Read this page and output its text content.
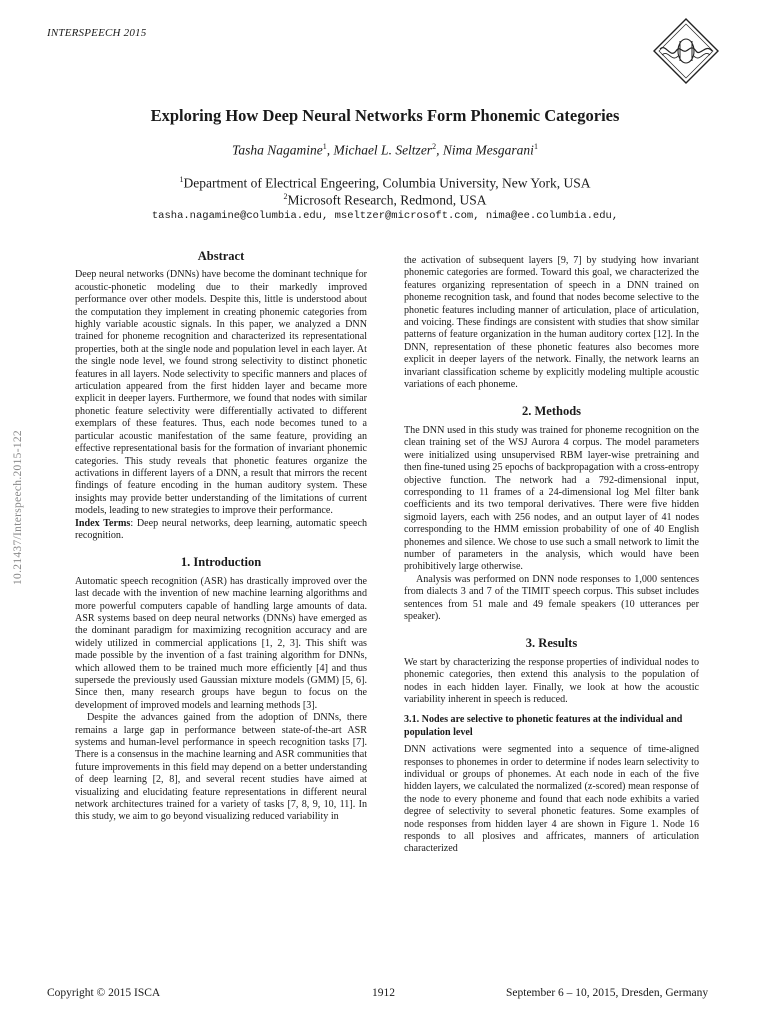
INTERSPEECH 2015
Exploring How Deep Neural Networks Form Phonemic Categories
Tasha Nagamine$^1$, Michael L. Seltzer$^2$, Nima Mesgarani$^1$
$^1$Department of Electrical Engeering, Columbia University, New York, USA
$^2$Microsoft Research, Redmond, USA
tasha.nagamine@columbia.edu, mseltzer@microsoft.com, nima@ee.columbia.edu,
10.21437/Interspeech.2015-122
Abstract

Deep neural networks (DNNs) have become the dominant technique for acoustic-phonetic modeling due to their markedly improved performance over other models. Despite this, little is understood about the computation they implement in creating phonemic categories from highly variable acoustic signals. In this paper, we analyzed a DNN trained for phoneme recognition and characterized its representational properties, both at the single node and population level in each layer. At the single node level, we found strong selectivity to distinct phonetic features in all layers. Node selectivity to specific manners and places of articulation appeared from the first hidden layer and became more explicit in deeper layers. Furthermore, we found that nodes with similar phonetic feature selectivity were differentially activated to different exemplars of these features. Thus, each node becomes tuned to a particular acoustic manifestation of the same feature, providing an effective representational basis for the formation of invariant phonemic categories. This study reveals that phonetic features organize the activations in different layers of a DNN, a result that mirrors the recent findings of feature encoding in the human auditory system. These insights may provide better understanding of the limitations of current models, leading to new strategies to improve their performance.

Index Terms: Deep neural networks, deep learning, automatic speech recognition.

1. Introduction

Automatic speech recognition (ASR) has drastically improved over the last decade with the invention of new machine learning algorithms and more powerful computers capable of handling large amounts of data. ASR systems based on deep neural networks (DNNs) have emerged as the dominant paradigm for maximizing recognition accuracy and are widely utilized in commercial applications [1, 2, 3]. This shift was made possible by the invention of a fast training algorithm for DNNs, which allowed them to be trained much more efficiently [4] and thus supersede the previously used Gaussian mixture models (GMM) [5, 6]. Since then, many research groups have begun to focus on the development of improved models and learning methods [3].

Despite the advances gained from the adoption of DNNs, there remains a large gap in performance between state-of-the-art ASR systems and human-level performance in speech recognition tasks [7]. There is a consensus in the machine learning and ASR communities that future improvements in this field may depend on a better understanding of deep learning [2, 8], and several recent studies have aimed at visualizing and elucidating feature representations in different neural network architectures trained for a variety of tasks [7, 8, 9, 10, 11]. In this study, we aim to go beyond visualizing reduced variability in

the activation of subsequent layers [9, 7] by studying how invariant phonemic categories are formed. Toward this goal, we characterized the features organizing representation of speech in a DNN trained on phoneme recognition task, and found that nodes become selective to the phonetic features including manner of articulation, place of articulation, and voicing. These findings are consistent with studies that show similar patterns of feature organization in the human auditory cortex [12]. In the DNN, representation of these phonetic features also becomes more explicit in deeper layers of the network. Finally, the network learns an invariant classification scheme by explicitly modeling multiple acoustic variations of each phoneme.

2. Methods

The DNN used in this study was trained for phoneme recognition on the clean training set of the WSJ Aurora 4 corpus. The model parameters were initialized using unsupervised RBM layer-wise pretraining and then fine-tuned using 25 epochs of backpropagation with a cross-entropy objective function. The network had a 792-dimensional input, corresponding to 11 frames of a 24-dimensional log Mel filter bank coefficients and its two temporal derivatives. There were five hidden sigmoid layers, each with 256 nodes, and an output layer of 41 nodes corresponding to the HMM emission probability of one of 40 English phonemes and silence. We chose to use such a small network to limit the number of parameters in the analysis, which would have been prohibitively large otherwise.

Analysis was performed on DNN node responses to 1,000 sentences from dialects 3 and 7 of the TIMIT speech corpus. This subset includes sentences from 51 male and 49 female speakers (10 utterances per speaker).

3. Results

We start by characterizing the response properties of individual nodes to phonemic categories, then extend this analysis to the population of nodes in each hidden layer. Finally, we look at how the acoustic variability inherent in speech is reduced.

3.1. Nodes are selective to phonetic features at the individual and population level

DNN activations were segmented into a sequence of time-aligned responses to phonemes in order to determine if nodes learn selectivity to individual or groups of phonemes. At each node in each of the five hidden layers, we calculated the normalized (z-scored) mean response of the node to every phoneme and found that each node exhibits a varied degree of selectivity to several phonetic features. Some examples of node responses from hidden layer 4 are shown in Figure 1. Node 16 responds to all plosives and affricates, manners of articulation characterized

Copyright © 2015 ISCA	1912	September 6 – 10, 2015, Dresden, Germany
